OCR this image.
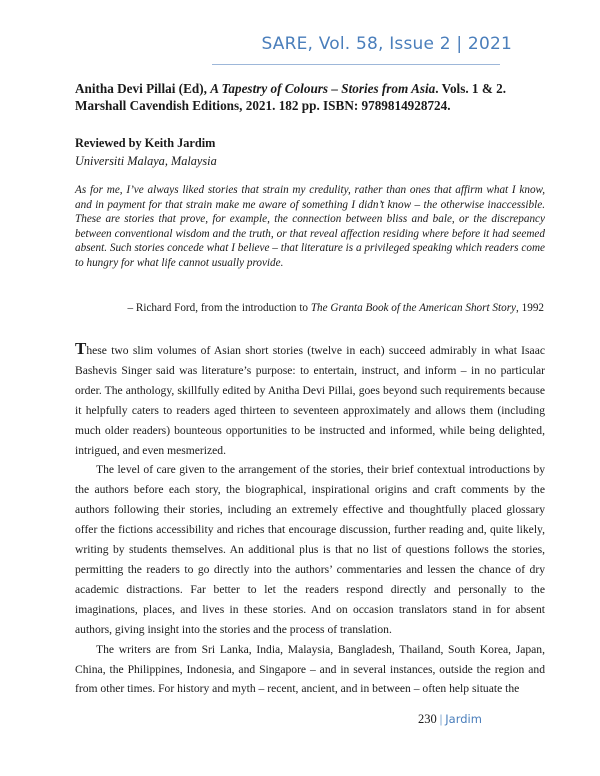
SARE, Vol. 58, Issue 2 | 2021
Anitha Devi Pillai (Ed), A Tapestry of Colours – Stories from Asia. Vols. 1 & 2. Marshall Cavendish Editions, 2021. 182 pp. ISBN: 9789814928724.
Reviewed by Keith Jardim
Universiti Malaya, Malaysia
As for me, I’ve always liked stories that strain my credulity, rather than ones that affirm what I know, and in payment for that strain make me aware of something I didn’t know – the otherwise inaccessible. These are stories that prove, for example, the connection between bliss and bale, or the discrepancy between conventional wisdom and the truth, or that reveal affection residing where before it had seemed absent. Such stories concede what I believe – that literature is a privileged speaking which readers come to hungry for what life cannot usually provide.
– Richard Ford, from the introduction to The Granta Book of the American Short Story, 1992

These two slim volumes of Asian short stories (twelve in each) succeed admirably in what Isaac Bashevis Singer said was literature’s purpose: to entertain, instruct, and inform – in no particular order. The anthology, skillfully edited by Anitha Devi Pillai, goes beyond such requirements because it helpfully caters to readers aged thirteen to seventeen approximately and allows them (including much older readers) bounteous opportunities to be instructed and informed, while being delighted, intrigued, and even mesmerized.

The level of care given to the arrangement of the stories, their brief contextual introductions by the authors before each story, the biographical, inspirational origins and craft comments by the authors following their stories, including an extremely effective and thoughtfully placed glossary offer the fictions accessibility and riches that encourage discussion, further reading and, quite likely, writing by students themselves. An additional plus is that no list of questions follows the stories, permitting the readers to go directly into the authors’ commentaries and lessen the chance of dry academic distractions. Far better to let the readers respond directly and personally to the imaginations, places, and lives in these stories. And on occasion translators stand in for absent authors, giving insight into the stories and the process of translation.

The writers are from Sri Lanka, India, Malaysia, Bangladesh, Thailand, South Korea, Japan, China, the Philippines, Indonesia, and Singapore – and in several instances, outside the region and from other times. For history and myth – recent, ancient, and in between – often help situate the

230 | Jardim
